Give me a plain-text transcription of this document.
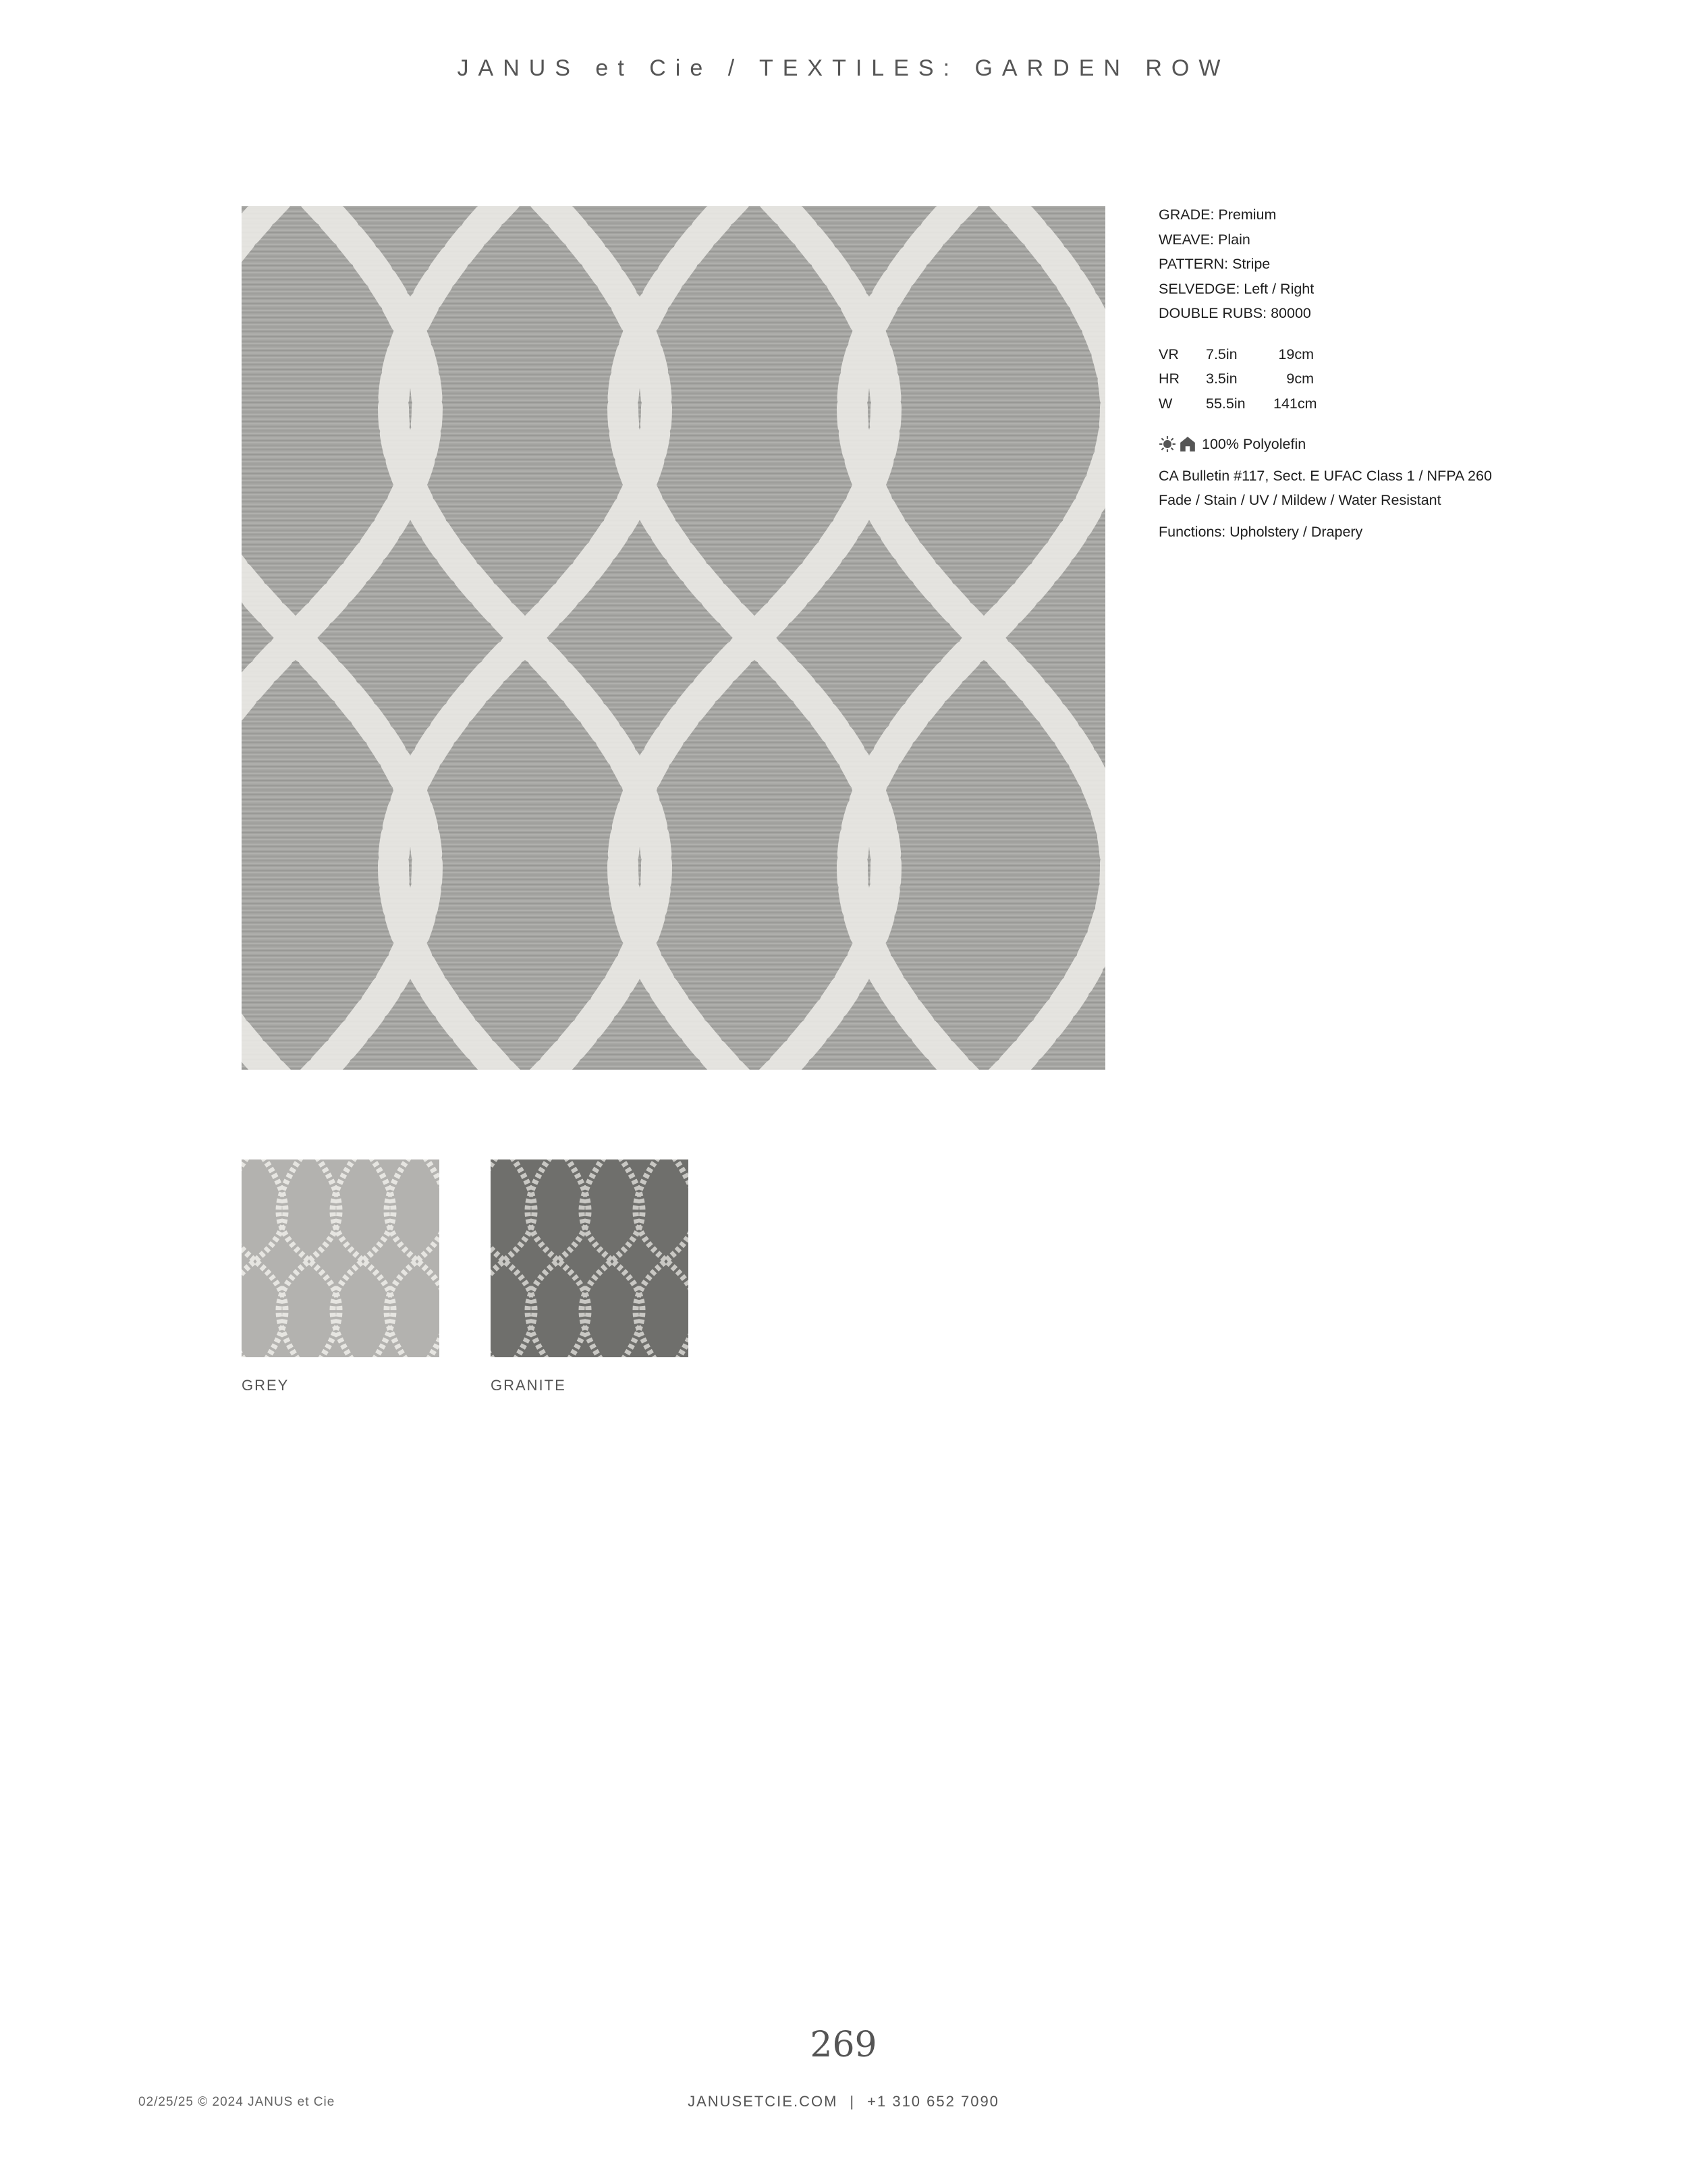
JANUS et Cie / TEXTILES: GARDEN ROW
GRADE: Premium
WEAVE: Plain
PATTERN: Stripe
SELVEDGE: Left / Right
DOUBLE RUBS: 80000
VR	7.5in	19cm
HR	3.5in	9cm
W	55.5in	141cm
100% Polyolefin
CA Bulletin #117, Sect. E UFAC Class 1 / NFPA 260
Fade / Stain / UV / Mildew / Water Resistant
Functions: Upholstery / Drapery
GREY	GRANITE
269
02/25/25 © 2024 JANUS et Cie	JANUSETCIE.COM | +1 310 652 7090
